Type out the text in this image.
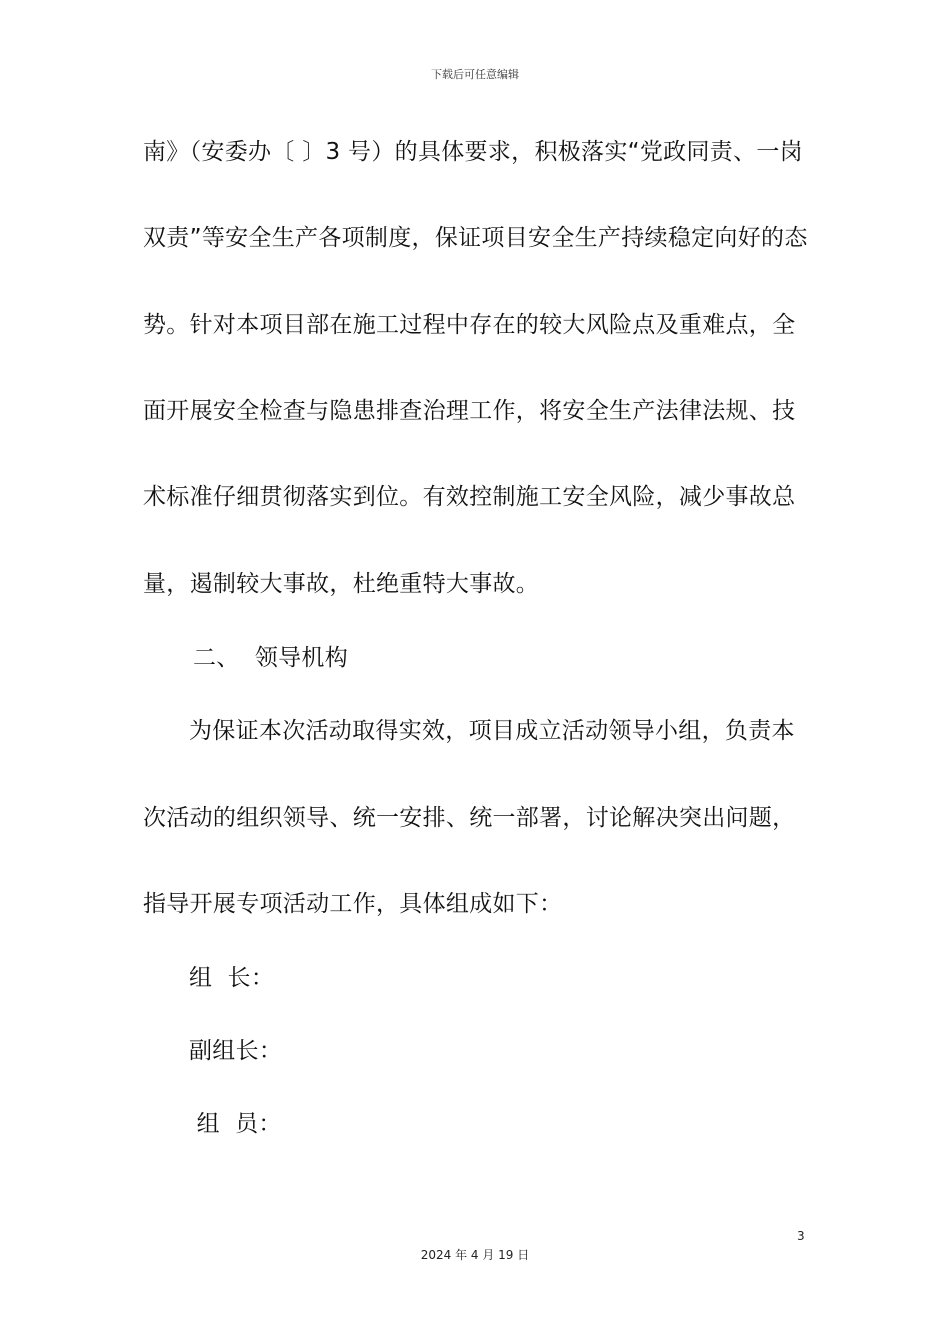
下载后可任意编辑
南》（安委办〔 〕3 号）的具体要求，积极落实“党政同责、一岗
双责”等安全生产各项制度，保证项目安全生产持续稳定向好的态
势。针对本项目部在施工过程中存在的较大风险点及重难点，全
面开展安全检查与隐患排查治理工作，将安全生产法律法规、技
术标准仔细贯彻落实到位。有效控制施工安全风险，减少事故总
量，遏制较大事故，杜绝重特大事故。
二、  领导机构
为保证本次活动取得实效，项目成立活动领导小组，负责本
次活动的组织领导、统一安排、统一部署，讨论解决突出问题，
指导开展专项活动工作，具体组成如下：
组  长：
副组长：
组  员：
3
2024 年 4 月 19 日
